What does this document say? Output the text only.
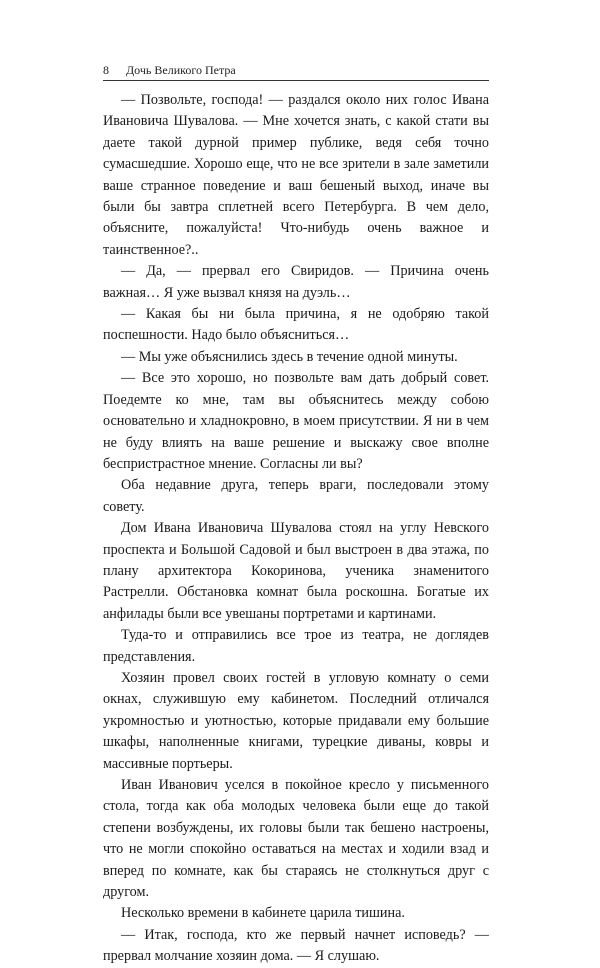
8 Дочь Великого Петра

— Позвольте, господа! — раздался около них голос Ивана Ивановича Шувалова. — Мне хочется знать, с какой стати вы даете такой дурной пример публике, ведя себя точно сумасшедшие. Хорошо еще, что не все зрители в зале заметили ваше странное поведение и ваш бешеный выход, иначе вы были бы завтра сплетней всего Петербурга. В чем дело, объясните, пожалуйста! Что-нибудь очень важное и таинственное?..

— Да, — прервал его Свиридов. — Причина очень важная… Я уже вызвал князя на дуэль…

— Какая бы ни была причина, я не одобряю такой поспешности. Надо было объясниться…

— Мы уже объяснились здесь в течение одной минуты.

— Все это хорошо, но позвольте вам дать добрый совет. Поедемте ко мне, там вы объяснитесь между собою основательно и хладнокровно, в моем присутствии. Я ни в чем не буду влиять на ваше решение и выскажу свое вполне беспристрастное мнение. Согласны ли вы?

Оба недавние друга, теперь враги, последовали этому совету.

Дом Ивана Ивановича Шувалова стоял на углу Невского проспекта и Большой Садовой и был выстроен в два этажа, по плану архитектора Кокоринова, ученика знаменитого Растрелли. Обстановка комнат была роскошна. Богатые их анфилады были все увешаны портретами и картинами.

Туда-то и отправились все трое из театра, не доглядев представления.

Хозяин провел своих гостей в угловую комнату о семи окнах, служившую ему кабинетом. Последний отличался укромностью и уютностью, которые придавали ему большие шкафы, наполненные книгами, турецкие диваны, ковры и массивные портьеры.

Иван Иванович уселся в покойное кресло у письменного стола, тогда как оба молодых человека были еще до такой степени возбуждены, их головы были так бешено настроены, что не могли спокойно оставаться на местах и ходили взад и вперед по комнате, как бы стараясь не столкнуться друг с другом.

Несколько времени в кабинете царила тишина.

— Итак, господа, кто же первый начнет исповедь? — прервал молчание хозяин дома. — Я слушаю.
